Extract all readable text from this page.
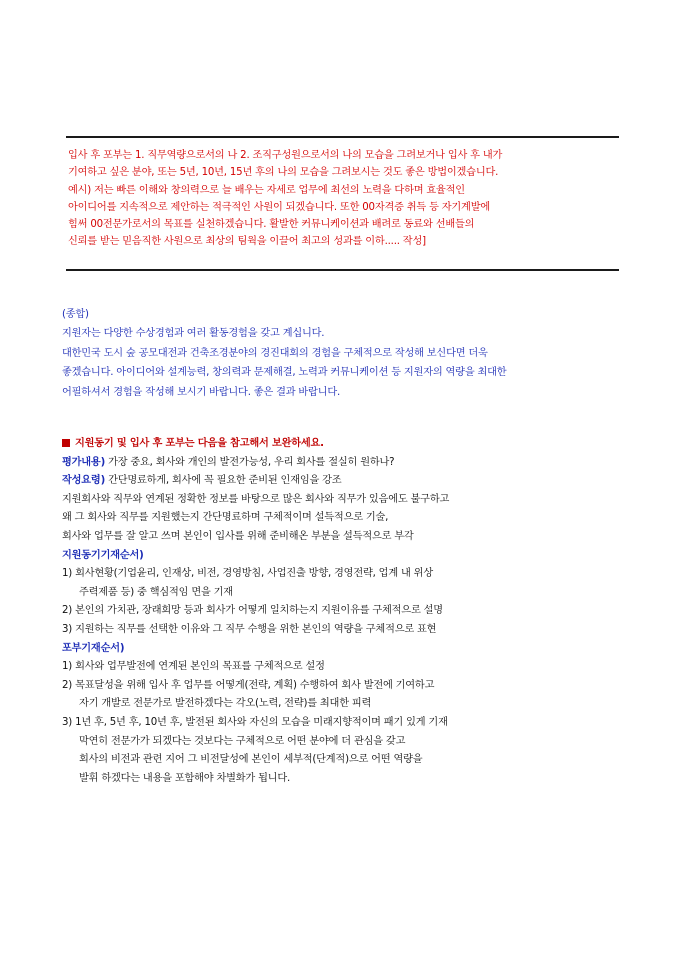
입사 후 포부는 1. 직무역량으로서의 나 2. 조직구성원으로서의 나의 모습을 그려보거나 입사 후 내가

기여하고 싶은 분야, 또는 5년, 10년, 15년 후의 나의 모습을 그려보시는 것도 좋은 방법이겠습니다.

예시) 저는 빠른 이해와 창의력으로 늘 배우는 자세로 업무에 최선의 노력을 다하며 효율적인

아이디어를 지속적으로 제안하는 적극적인 사원이 되겠습니다. 또한 00자격증 취득 등 자기계발에

힘써 00전문가로서의 목표를 실천하겠습니다. 활발한 커뮤니케이션과 배려로 동료와 선배들의

신뢰를 받는 믿음직한 사원으로 최상의 팀웍을 이끌어 최고의 성과를 이하..... 작성]

(종합)

지원자는 다양한 수상경험과 여러 활동경험을 갖고 계십니다.

대한민국 도시 숲 공모대전과 건축조경분야의 경진대회의 경험을 구체적으로 작성해 보신다면 더욱

좋겠습니다. 아이디어와 설계능력, 창의력과 문제해결, 노력과 커뮤니케이션 등 지원자의 역량을 최대한

어필하셔서 경험을 작성해 보시기 바랍니다. 좋은 결과 바랍니다.

지원동기 및 입사 후 포부는 다음을 참고해서 보완하세요.

평가내용) 가장 중요, 회사와 개인의 발전가능성, 우리 회사를 절실히 원하나?

작성요령) 간단명료하게, 회사에 꼭 필요한 준비된 인재임을 강조

지원회사와 직무와 연계된 정확한 정보를 바탕으로 많은 회사와 직무가 있음에도 불구하고

왜 그 회사와 직무를 지원했는지 간단명료하며 구체적이며 설득적으로 기술,

회사와 업무를 잘 알고 쓰며 본인이 입사를 위해 준비해온 부분을 설득적으로 부각

지원동기기재순서)

1) 회사현황(기업윤리, 인재상, 비전, 경영방침, 사업진출 방향, 경영전략, 업계 내 위상

주력제품 등) 중 핵심적임 면을 기재

2) 본인의 가치관, 장래희망 등과 회사가 어떻게 일치하는지 지원이유를 구체적으로 설명

3) 지원하는 직무를 선택한 이유와 그 직무 수행을 위한 본인의 역량을 구체적으로 표현

포부기재순서)

1) 회사와 업무발전에 연계된 본인의 목표를 구체적으로 설정

2) 목표달성을 위해 입사 후 업무를 어떻게(전략, 계획) 수행하여 회사 발전에 기여하고

자기 개발로 전문가로 발전하겠다는 각오(노력, 전략)를 최대한 피력

3) 1년 후, 5년 후, 10년 후, 발전된 회사와 자신의 모습을 미래지향적이며 패기 있게 기재

막연히 전문가가 되겠다는 것보다는 구체적으로 어떤 분야에 더 관심을 갖고

회사의 비전과 관련 지어 그 비전달성에 본인이 세부적(단계적)으로 어떤 역량을

발휘 하겠다는 내용을 포함해야 차별화가 됩니다.
